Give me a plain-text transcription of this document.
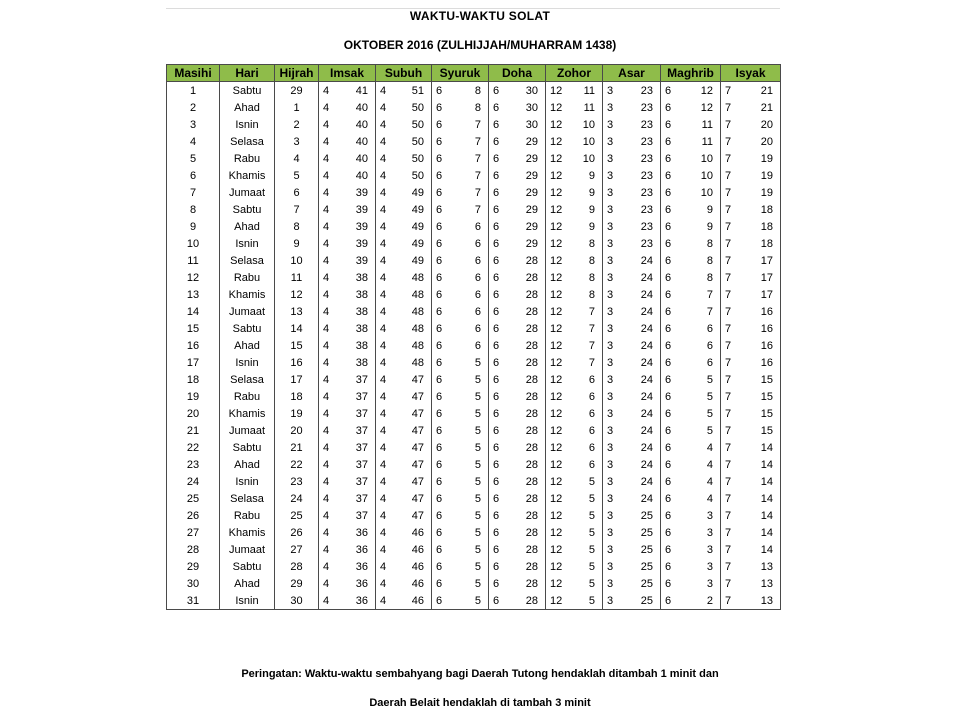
WAKTU-WAKTU SOLAT
OKTOBER 2016 (ZULHIJJAH/MUHARRAM 1438)
Masihi	Hari	Hijrah	Imsak	Subuh	Syuruk	Doha	Zohor	Asar	Maghrib	Isyak
1	Sabtu	29	4 41	4 51	6 8	6 30	12 11	3 23	6 12	7 21

2	Ahad	1	4 40	4 50	6 8	6 30	12 11	3 23	6 12	7 21

3	Isnin	2	4 40	4 50	6 7	6 30	12 10	3 23	6 11	7 20

4	Selasa	3	4 40	4 50	6 7	6 29	12 10	3 23	6 11	7 20

5	Rabu	4	4 40	4 50	6 7	6 29	12 10	3 23	6 10	7 19

6	Khamis	5	4 40	4 50	6 7	6 29	12 9	3 23	6 10	7 19

7	Jumaat	6	4 39	4 49	6 7	6 29	12 9	3 23	6 10	7 19

8	Sabtu	7	4 39	4 49	6 7	6 29	12 9	3 23	6 9	7 18

9	Ahad	8	4 39	4 49	6 6	6 29	12 9	3 23	6 9	7 18

10	Isnin	9	4 39	4 49	6 6	6 29	12 8	3 23	6 8	7 18

11	Selasa	10	4 39	4 49	6 6	6 28	12 8	3 24	6 8	7 17

12	Rabu	11	4 38	4 48	6 6	6 28	12 8	3 24	6 8	7 17

13	Khamis	12	4 38	4 48	6 6	6 28	12 8	3 24	6 7	7 17

14	Jumaat	13	4 38	4 48	6 6	6 28	12 7	3 24	6 7	7 16

15	Sabtu	14	4 38	4 48	6 6	6 28	12 7	3 24	6 6	7 16

16	Ahad	15	4 38	4 48	6 6	6 28	12 7	3 24	6 6	7 16

17	Isnin	16	4 38	4 48	6 5	6 28	12 7	3 24	6 6	7 16

18	Selasa	17	4 37	4 47	6 5	6 28	12 6	3 24	6 5	7 15

19	Rabu	18	4 37	4 47	6 5	6 28	12 6	3 24	6 5	7 15

20	Khamis	19	4 37	4 47	6 5	6 28	12 6	3 24	6 5	7 15

21	Jumaat	20	4 37	4 47	6 5	6 28	12 6	3 24	6 5	7 15

22	Sabtu	21	4 37	4 47	6 5	6 28	12 6	3 24	6 4	7 14

23	Ahad	22	4 37	4 47	6 5	6 28	12 6	3 24	6 4	7 14

24	Isnin	23	4 37	4 47	6 5	6 28	12 5	3 24	6 4	7 14

25	Selasa	24	4 37	4 47	6 5	6 28	12 5	3 24	6 4	7 14

26	Rabu	25	4 37	4 47	6 5	6 28	12 5	3 25	6 3	7 14

27	Khamis	26	4 36	4 46	6 5	6 28	12 5	3 25	6 3	7 14

28	Jumaat	27	4 36	4 46	6 5	6 28	12 5	3 25	6 3	7 14

29	Sabtu	28	4 36	4 46	6 5	6 28	12 5	3 25	6 3	7 13

30	Ahad	29	4 36	4 46	6 5	6 28	12 5	3 25	6 3	7 13

31	Isnin	30	4 36	4 46	6 5	6 28	12 5	3 25	6 2	7 13
Peringatan: Waktu-waktu sembahyang bagi Daerah Tutong hendaklah ditambah 1 minit dan
Daerah Belait hendaklah di tambah 3 minit
